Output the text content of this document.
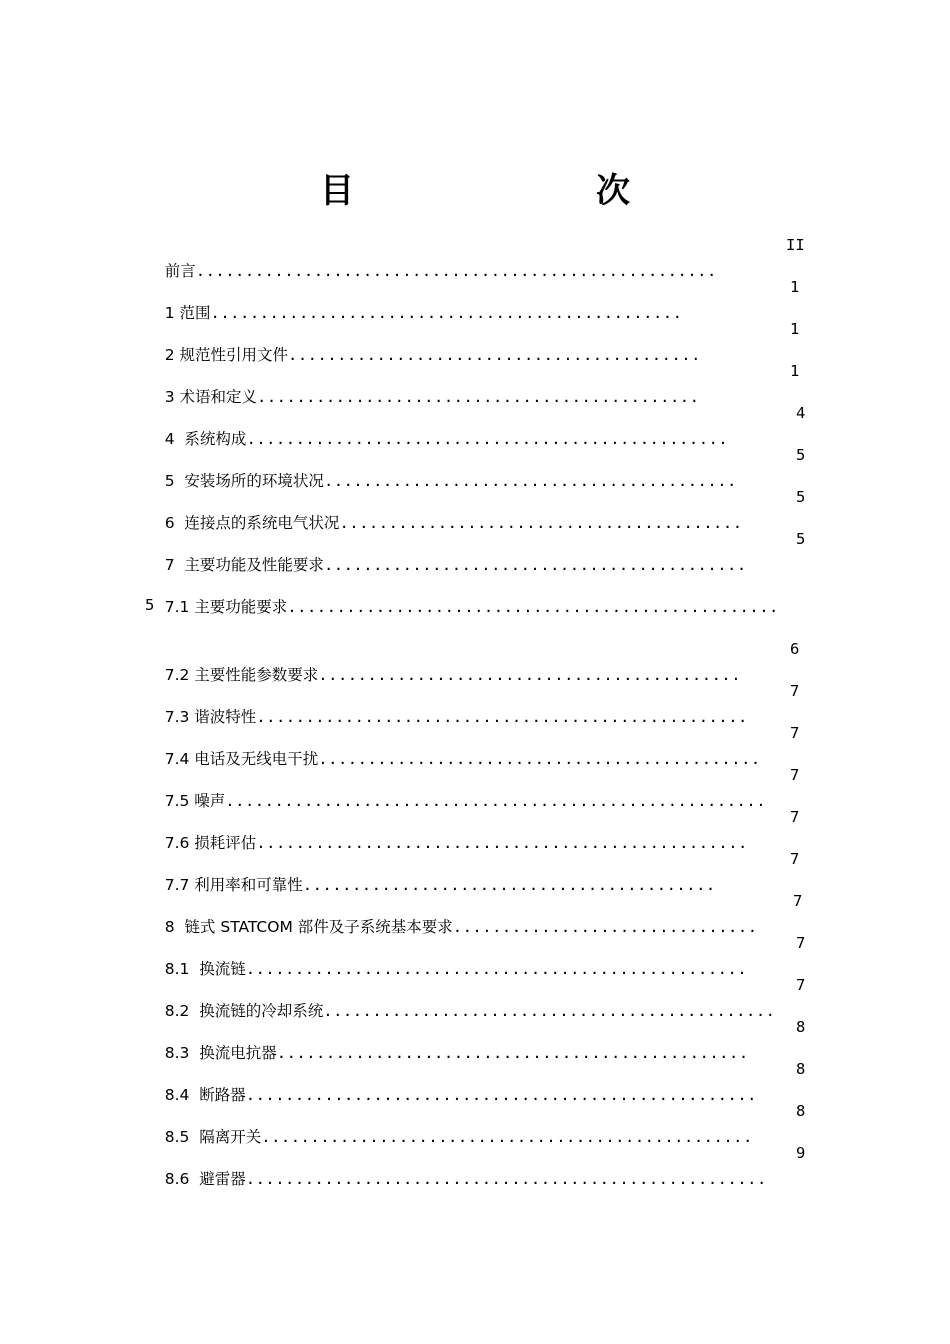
目　　次

前言.....................................................
II

1 范围................................................
1

2 规范性引用文件..........................................
1

3 术语和定义.............................................
1

4  系统构成.................................................
4

5  安装场所的环境状况..........................................
5

6  连接点的系统电气状况.........................................
5

7  主要功能及性能要求...........................................
5

7.1 主要功能要求..................................................

5

7.2 主要性能参数要求...........................................
6

7.3 谐波特性..................................................
7

7.4 电话及无线电干扰.............................................
7

7.5 噪声.......................................................
7

7.6 损耗评估..................................................
7

7.7 利用率和可靠性..........................................
7

8  链式 STATCOM 部件及子系统基本要求...............................
7

8.1  换流链...................................................
7

8.2  换流链的冷却系统..............................................
7

8.3  换流电抗器................................................
8

8.4  断路器....................................................
8

8.5  隔离开关..................................................
8

8.6  避雷器.....................................................
9
